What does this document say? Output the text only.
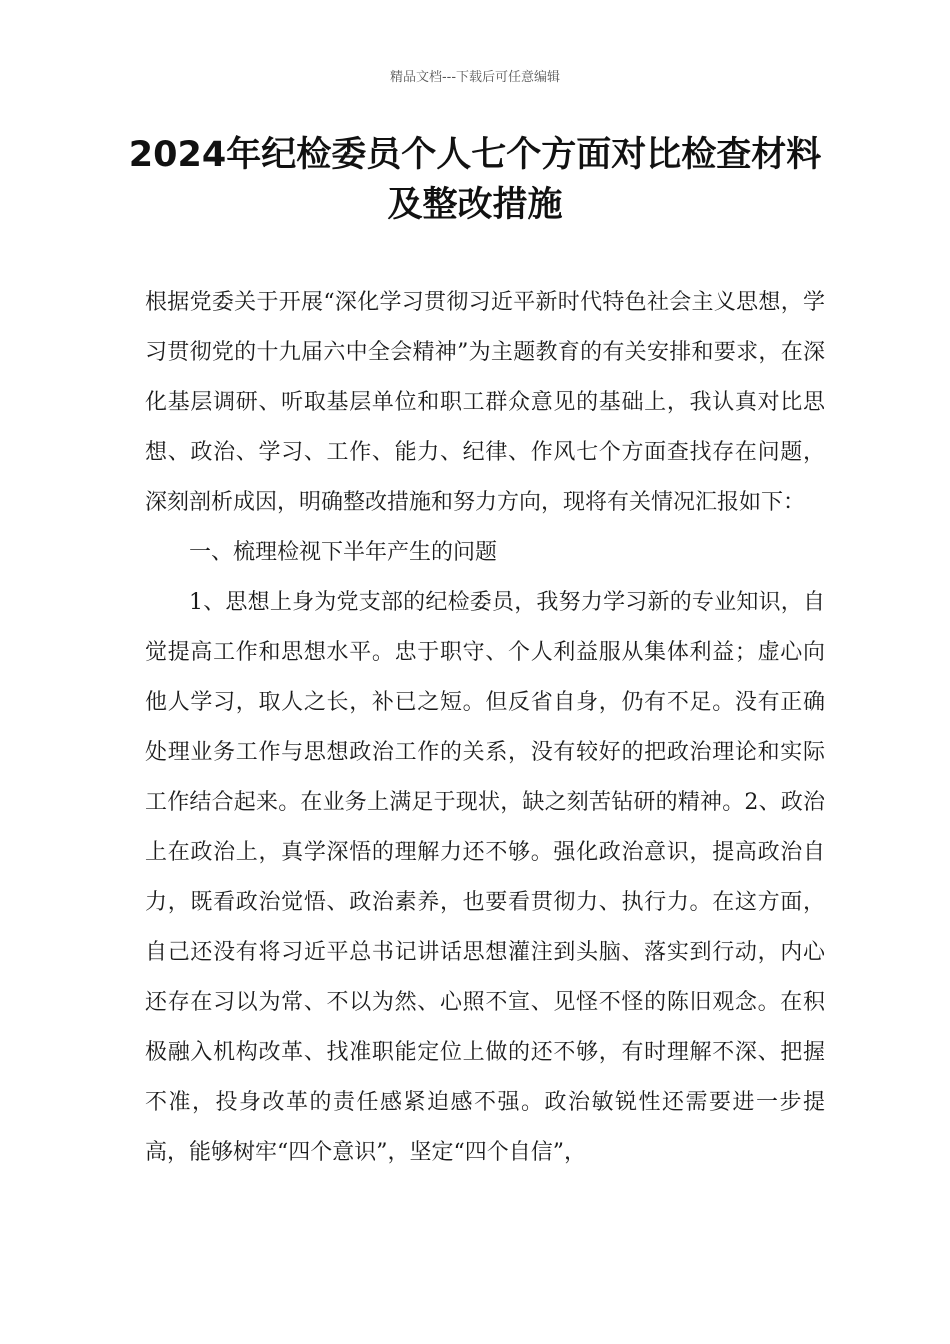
精品文档---下载后可任意编辑
2024年纪检委员个人七个方面对比检查材料及整改措施

根据党委关于开展“深化学习贯彻习近平新时代特色社会主义思想，学习贯彻党的十九届六中全会精神”为主题教育的有关安排和要求，在深化基层调研、听取基层单位和职工群众意见的基础上，我认真对比思想、政治、学习、工作、能力、纪律、作风七个方面查找存在问题，深刻剖析成因，明确整改措施和努力方向，现将有关情况汇报如下：

一、梳理检视下半年产生的问题

1、思想上身为党支部的纪检委员，我努力学习新的专业知识，自觉提高工作和思想水平。忠于职守、个人利益服从集体利益；虚心向他人学习，取人之长，补已之短。但反省自身，仍有不足。没有正确处理业务工作与思想政治工作的关系，没有较好的把政治理论和实际工作结合起来。在业务上满足于现状，缺之刻苦钻研的精神。2、政治上在政治上，真学深悟的理解力还不够。强化政治意识，提高政治自力，既看政治觉悟、政治素养，也要看贯彻力、执行力。在这方面，自己还没有将习近平总书记讲话思想灌注到头脑、落实到行动，内心还存在习以为常、不以为然、心照不宣、见怪不怪的陈旧观念。在积极融入机构改革、找准职能定位上做的还不够，有时理解不深、把握不准，投身改革的责任感紧迫感不强。政治敏锐性还需要进一步提高，能够树牢“四个意识”，坚定“四个自信”，
